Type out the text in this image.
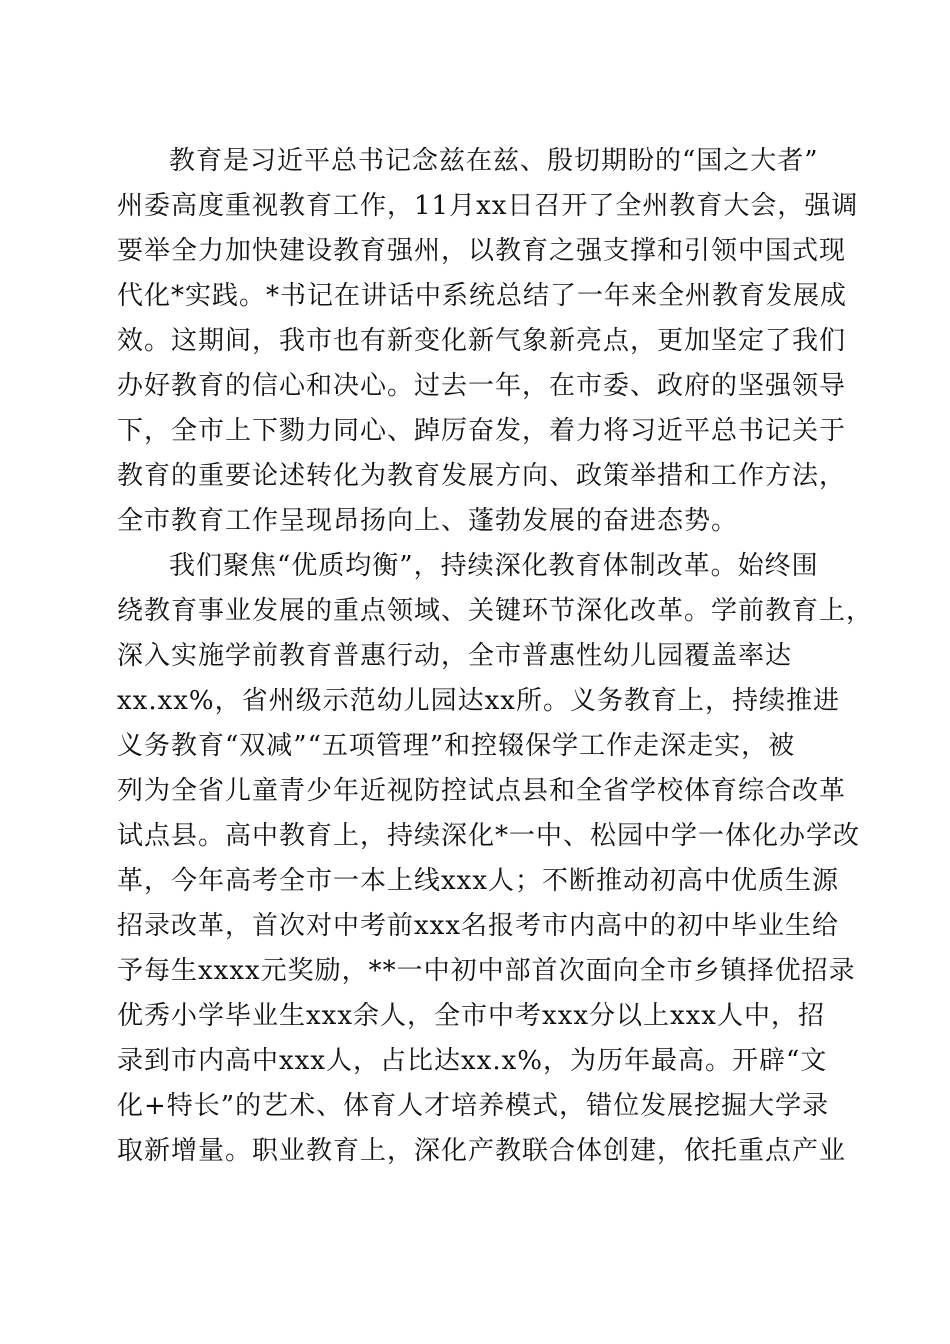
教育是习近平总书记念兹在兹、殷切期盼的“国之大者”
州委高度重视教育工作，11月xx日召开了全州教育大会，强调
要举全力加快建设教育强州，以教育之强支撑和引领中国式现
代化*实践。*书记在讲话中系统总结了一年来全州教育发展成
效。这期间，我市也有新变化新气象新亮点，更加坚定了我们
办好教育的信心和决心。过去一年，在市委、政府的坚强领导
下，全市上下勠力同心、踔厉奋发，着力将习近平总书记关于
教育的重要论述转化为教育发展方向、政策举措和工作方法，
全市教育工作呈现昂扬向上、蓬勃发展的奋进态势。
我们聚焦“优质均衡”，持续深化教育体制改革。始终围
绕教育事业发展的重点领域、关键环节深化改革。学前教育上，
深入实施学前教育普惠行动，全市普惠性幼儿园覆盖率达
xx.xx%，省州级示范幼儿园达xx所。义务教育上，持续推进
义务教育“双减”“五项管理”和控辍保学工作走深走实，被
列为全省儿童青少年近视防控试点县和全省学校体育综合改革
试点县。高中教育上，持续深化*一中、松园中学一体化办学改
革，今年高考全市一本上线xxx人；不断推动初高中优质生源
招录改革，首次对中考前xxx名报考市内高中的初中毕业生给
予每生xxxx元奖励，**一中初中部首次面向全市乡镇择优招录
优秀小学毕业生xxx余人，全市中考xxx分以上xxx人中，招
录到市内高中xxx人，占比达xx.x%，为历年最高。开辟“文
化+特长”的艺术、体育人才培养模式，错位发展挖掘大学录
取新增量。职业教育上，深化产教联合体创建，依托重点产业
